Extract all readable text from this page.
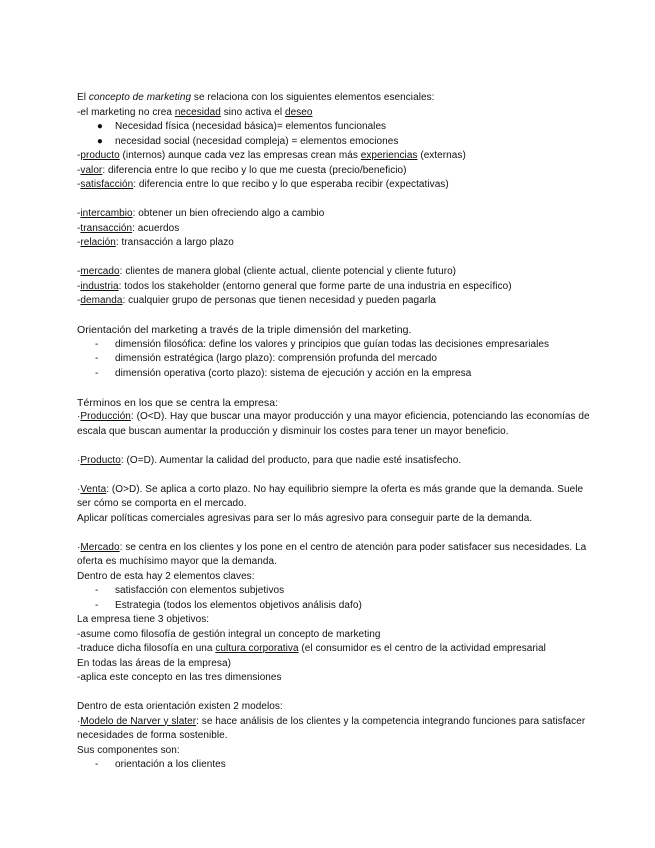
El concepto de marketing se relaciona con los siguientes elementos esenciales:
-el marketing no crea necesidad sino activa el deseo
●	Necesidad física (necesidad básica)= elementos funcionales
●	necesidad social (necesidad compleja) = elementos emociones
-producto (internos) aunque cada vez las empresas crean más experiencias (externas)
-valor: diferencia entre lo que recibo y lo que me cuesta (precio/beneficio)
-satisfacción: diferencia entre lo que recibo y lo que esperaba recibir (expectativas)
-intercambio: obtener un bien ofreciendo algo a cambio
-transacción: acuerdos
-relación: transacción a largo plazo
-mercado: clientes de manera global (cliente actual, cliente potencial y cliente futuro)
-industria: todos los stakeholder (entorno general que forme parte de una industria en específico)
-demanda: cualquier grupo de personas que tienen necesidad y pueden pagarla
Orientación del marketing a través de la triple dimensión del marketing.
-	dimensión filosófica: define los valores y principios que guían todas las decisiones empresariales
-	dimensión estratégica (largo plazo): comprensión profunda del mercado
-	dimensión operativa (corto plazo): sistema de ejecución y acción en la empresa
Términos en los que se centra la empresa:
·Producción: (O<D). Hay que buscar una mayor producción y una mayor eficiencia, potenciando las economías de escala que buscan aumentar la producción y disminuir los costes para tener un mayor beneficio.
·Producto: (O=D). Aumentar la calidad del producto, para que nadie esté insatisfecho.
·Venta: (O>D). Se aplica a corto plazo. No hay equilibrio siempre la oferta es más grande que la demanda. Suele ser cómo se comporta en el mercado.
Aplicar políticas comerciales agresivas para ser lo más agresivo para conseguir parte de la demanda.
·Mercado: se centra en los clientes y los pone en el centro de atención para poder satisfacer sus necesidades. La oferta es muchísimo mayor que la demanda.
Dentro de esta hay 2 elementos claves:
-	satisfacción con elementos subjetivos
-	Estrategia (todos los elementos objetivos análisis dafo)
La empresa tiene 3 objetivos:
-asume como filosofía de gestión integral un concepto de marketing
-traduce dicha filosofía en una cultura corporativa (el consumidor es el centro de la actividad empresarial
En todas las áreas de la empresa)
-aplica este concepto en las tres dimensiones
Dentro de esta orientación existen 2 modelos:
·Modelo de Narver y slater: se hace análisis de los clientes y la competencia integrando funciones para satisfacer necesidades de forma sostenible.
Sus componentes son:
-	orientación a los clientes
